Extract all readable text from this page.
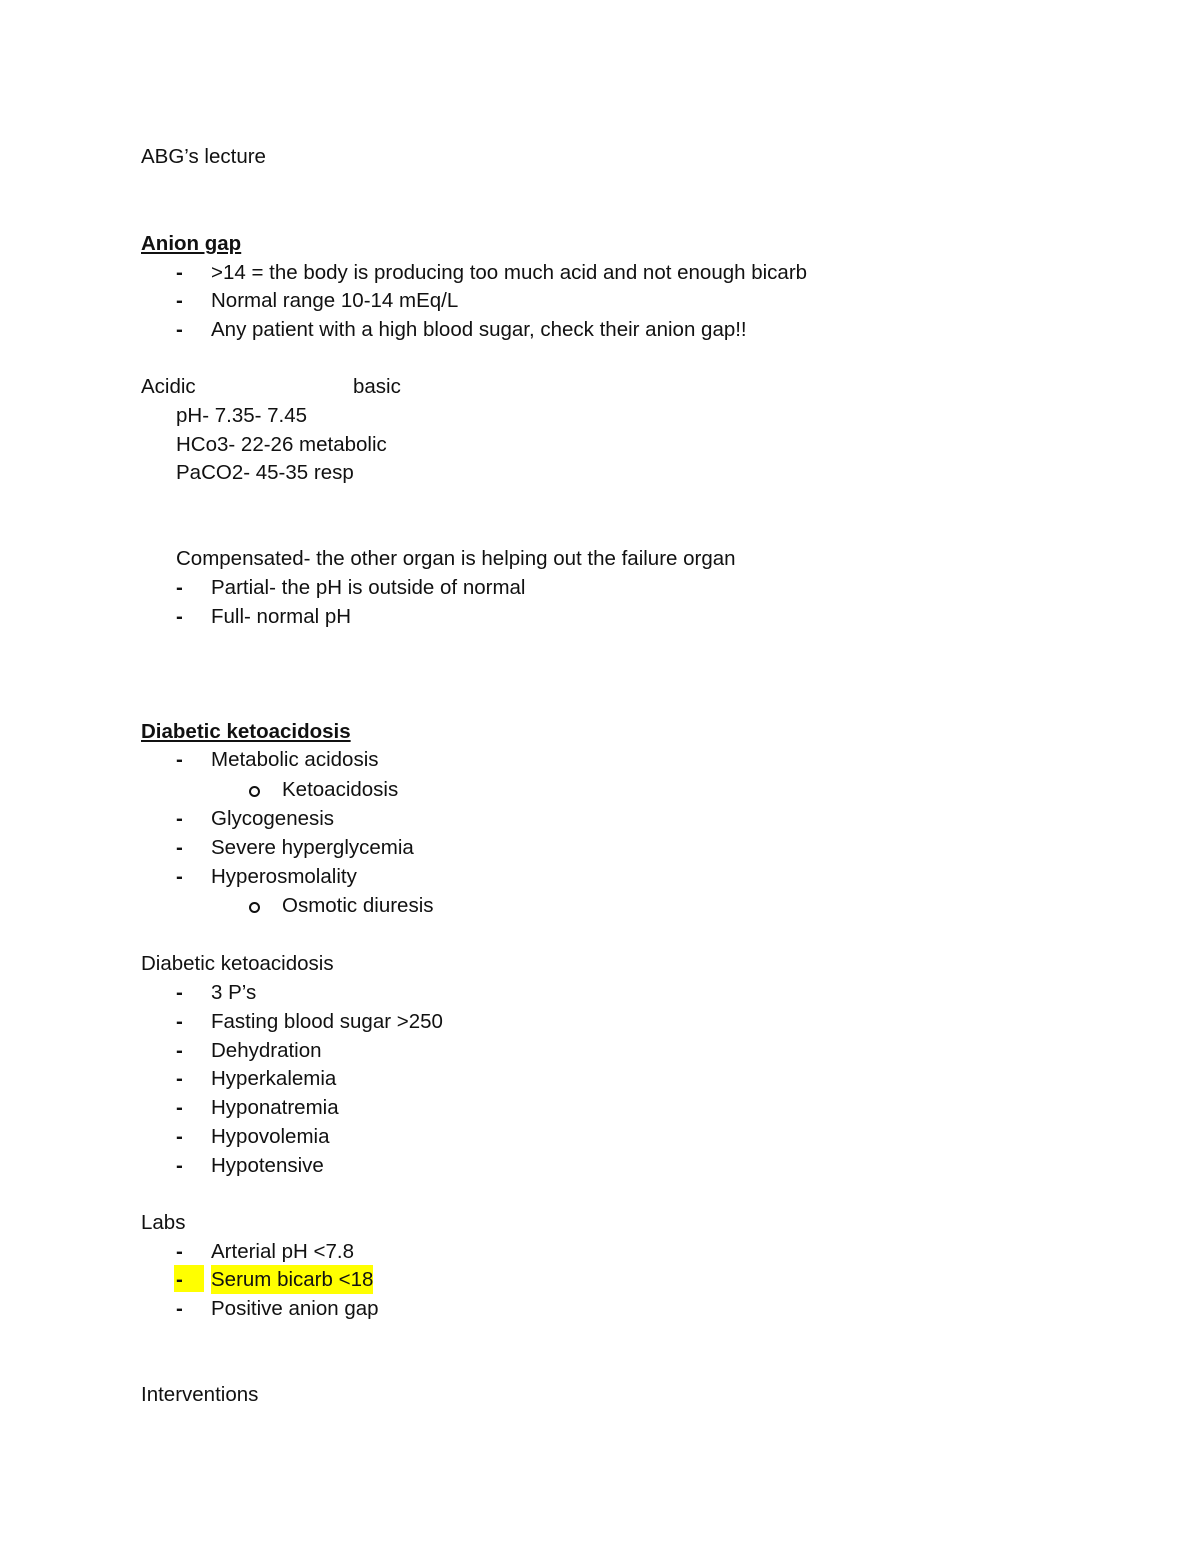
ABG’s lecture
Anion gap
-
>14 = the body is producing too much acid and not enough bicarb
-
Normal range 10-14 mEq/L
-
Any patient with a high blood sugar, check their anion gap!!
Acidic	basic
pH- 7.35- 7.45
HCo3- 22-26 metabolic
PaCO2- 45-35 resp
Compensated- the other organ is helping out the failure organ
-
Partial- the pH is outside of normal
-
Full- normal pH
Diabetic ketoacidosis
-
Metabolic acidosis
Ketoacidosis
-
Glycogenesis
-
Severe hyperglycemia
-
Hyperosmolality
Osmotic diuresis
Diabetic ketoacidosis
-
3 P’s
-
Fasting blood sugar >250
-
Dehydration
-
Hyperkalemia
-
Hyponatremia
-
Hypovolemia
-
Hypotensive
Labs
-
Arterial pH <7.8
-
Serum bicarb <18
-
Positive anion gap
Interventions
